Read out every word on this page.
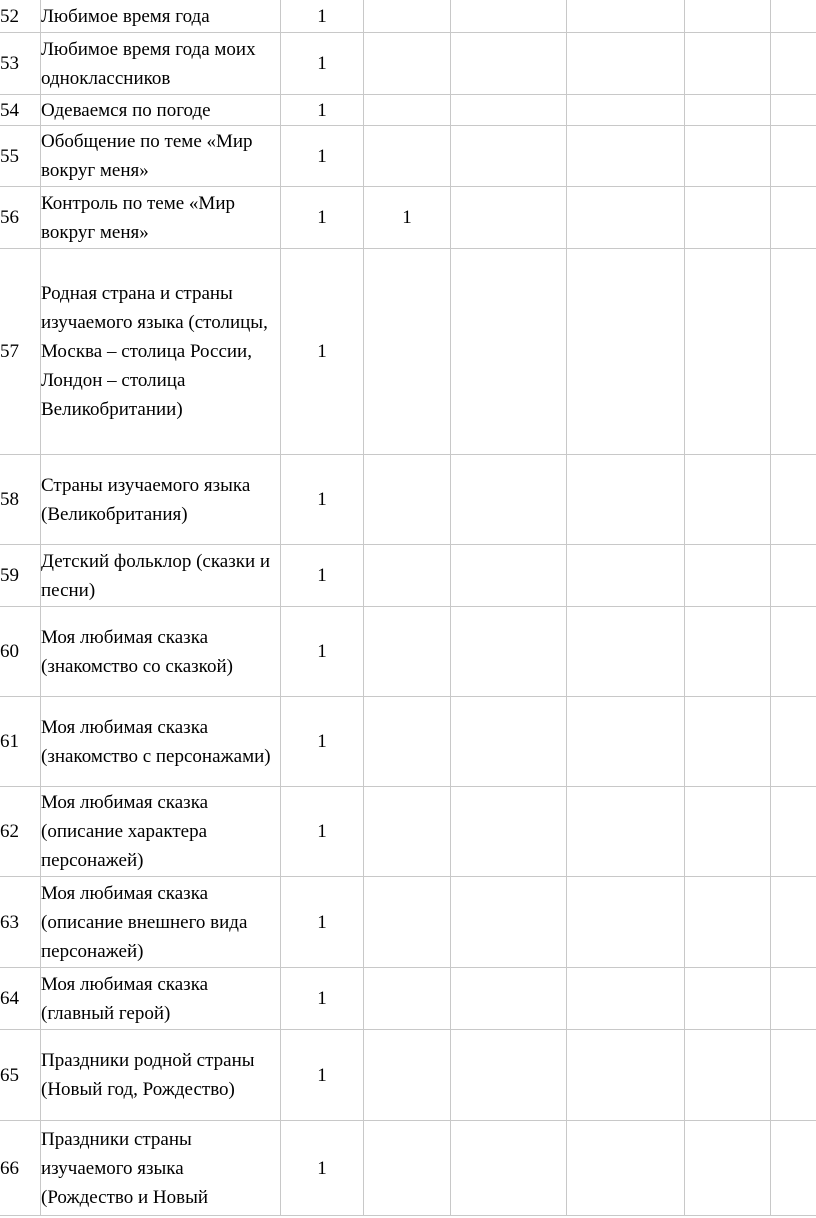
52	Любимое время года	1					
53	Любимое время года моих одноклассников	1					
54	Одеваемся по погоде	1					
55	Обобщение по теме «Мир вокруг меня»	1					
56	Контроль по теме «Мир вокруг меня»	1	1				
57	Родная страна и страны изучаемого языка (столицы, Москва – столица России, Лондон – столица Великобритании)	1					
58	Страны изучаемого языка (Великобритания)	1					
59	Детский фольклор (сказки и песни)	1					
60	Моя любимая сказка (знакомство со сказкой)	1					
61	Моя любимая сказка (знакомство с персонажами)	1					
62	Моя любимая сказка (описание характера персонажей)	1					
63	Моя любимая сказка (описание внешнего вида персонажей)	1					
64	Моя любимая сказка (главный герой)	1					
65	Праздники родной страны (Новый год, Рождество)	1					
66	Праздники страны изучаемого языка (Рождество и Новый	1					
